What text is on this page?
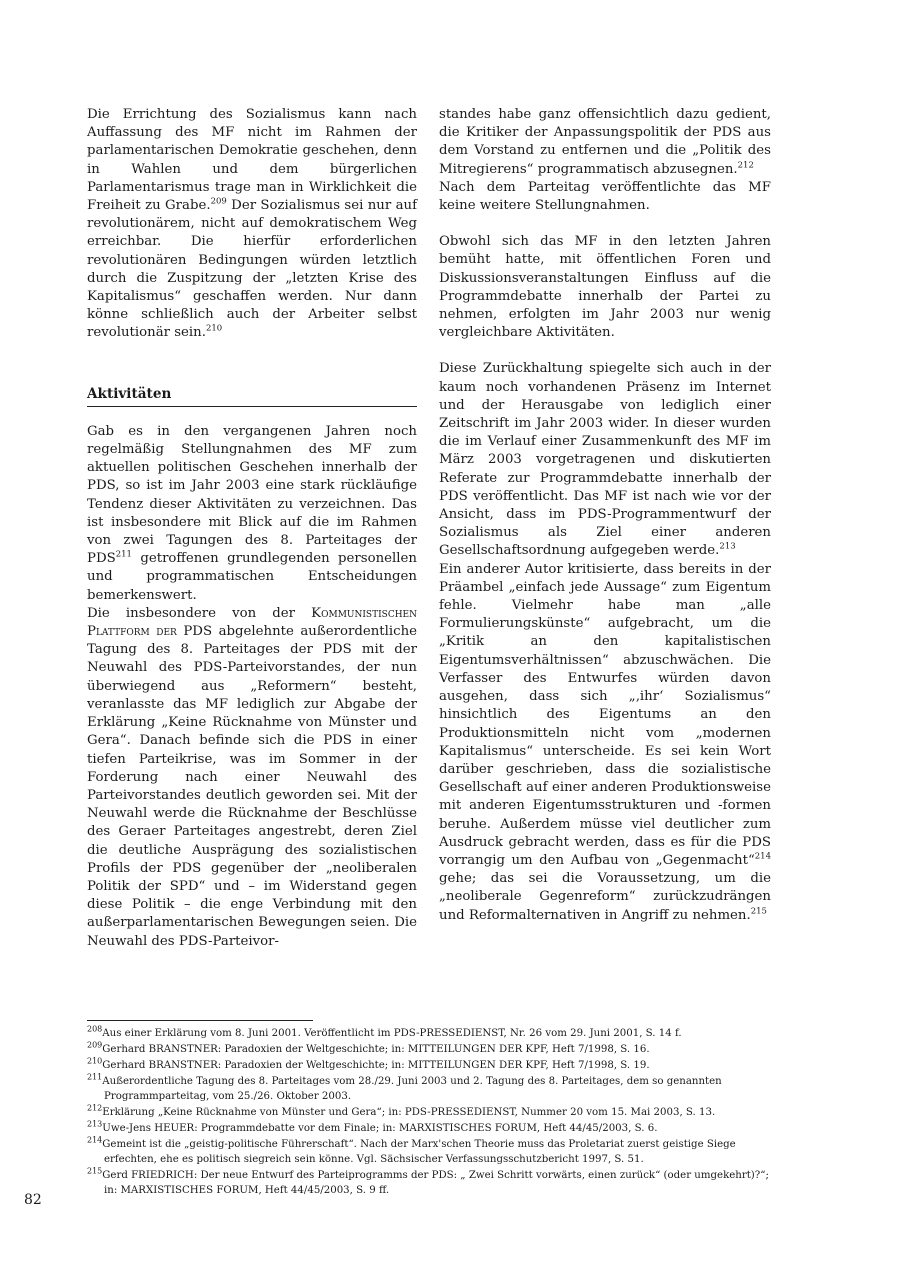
Die Errichtung des Sozialismus kann nach Auffassung des MF nicht im Rahmen der parlamentarischen Demokratie geschehen, denn in Wahlen und dem bürgerlichen Parlamentarismus trage man in Wirklichkeit die Freiheit zu Grabe.$^{209}$ Der Sozialismus sei nur auf revolutionärem, nicht auf demokratischem Weg erreichbar. Die hierfür erforderlichen revolutionären Bedingungen würden letztlich durch die Zuspitzung der „letzten Krise des Kapitalismus“ geschaffen werden. Nur dann könne schließlich auch der Arbeiter selbst revolutionär sein.$^{210}$

Aktivitäten

Gab es in den vergangenen Jahren noch regelmäßig Stellungnahmen des MF zum aktuellen politischen Geschehen innerhalb der PDS, so ist im Jahr 2003 eine stark rückläufige Tendenz dieser Aktivitäten zu verzeichnen. Das ist insbesondere mit Blick auf die im Rahmen von zwei Tagungen des 8. Parteitages der PDS$^{211}$ getroffenen grundlegenden personellen und programmatischen Entscheidungen bemerkenswert.

Die insbesondere von der Kommunistischen Plattform der PDS abgelehnte außerordentliche Tagung des 8. Parteitages der PDS mit der Neuwahl des PDS-Parteivorstandes, der nun überwiegend aus „Reformern“ besteht, veranlasste das MF lediglich zur Abgabe der Erklärung „Keine Rücknahme von Münster und Gera“. Danach befinde sich die PDS in einer tiefen Parteikrise, was im Sommer in der Forderung nach einer Neuwahl des Parteivorstandes deutlich geworden sei. Mit der Neuwahl werde die Rücknahme der Beschlüsse des Geraer Parteitages angestrebt, deren Ziel die deutliche Ausprägung des sozialistischen Profils der PDS gegenüber der „neoliberalen Politik der SPD“ und – im Widerstand gegen diese Politik – die enge Verbindung mit den außerparlamentarischen Bewegungen seien. Die Neuwahl des PDS-Parteivor-

standes habe ganz offensichtlich dazu gedient, die Kritiker der Anpassungspolitik der PDS aus dem Vorstand zu entfernen und die „Politik des Mitregierens“ programmatisch abzusegnen.$^{212}$

Nach dem Parteitag veröffentlichte das MF keine weitere Stellungnahmen.

Obwohl sich das MF in den letzten Jahren bemüht hatte, mit öffentlichen Foren und Diskussionsveranstaltungen Einfluss auf die Programmdebatte innerhalb der Partei zu nehmen, erfolgten im Jahr 2003 nur wenig vergleichbare Aktivitäten.

Diese Zurückhaltung spiegelte sich auch in der kaum noch vorhandenen Präsenz im Internet und der Herausgabe von lediglich einer Zeitschrift im Jahr 2003 wider. In dieser wurden die im Verlauf einer Zusammenkunft des MF im März 2003 vorgetragenen und diskutierten Referate zur Programmdebatte innerhalb der PDS veröffentlicht. Das MF ist nach wie vor der Ansicht, dass im PDS-Programmentwurf der Sozialismus als Ziel einer anderen Gesellschaftsordnung aufgegeben werde.$^{213}$

Ein anderer Autor kritisierte, dass bereits in der Präambel „einfach jede Aussage“ zum Eigentum fehle. Vielmehr habe man „alle Formulierungskünste“ aufgebracht, um die „Kritik an den kapitalistischen Eigentumsverhältnissen“ abzuschwächen. Die Verfasser des Entwurfes würden davon ausgehen, dass sich „‚ihr‘ Sozialismus“ hinsichtlich des Eigentums an den Produktionsmitteln nicht vom „modernen Kapitalismus“ unterscheide. Es sei kein Wort darüber geschrieben, dass die sozialistische Gesellschaft auf einer anderen Produktionsweise mit anderen Eigentumsstrukturen und -formen beruhe. Außerdem müsse viel deutlicher zum Ausdruck gebracht werden, dass es für die PDS vorrangig um den Aufbau von „Gegenmacht“$^{214}$ gehe; das sei die Voraussetzung, um die „neoliberale Gegenreform“ zurückzudrängen und Reformalternativen in Angriff zu nehmen.$^{215}$

$^{208}$Aus einer Erklärung vom 8. Juni 2001. Veröffentlicht im PDS-PRESSEDIENST, Nr. 26 vom 29. Juni 2001, S. 14 f.
$^{209}$Gerhard BRANSTNER: Paradoxien der Weltgeschichte; in: MITTEILUNGEN DER KPF, Heft 7/1998, S. 16.
$^{210}$Gerhard BRANSTNER: Paradoxien der Weltgeschichte; in: MITTEILUNGEN DER KPF, Heft 7/1998, S. 19.
$^{211}$Außerordentliche Tagung des 8. Parteitages vom 28./29. Juni 2003 und 2. Tagung des 8. Parteitages, dem so genannten Programmparteitag, vom 25./26. Oktober 2003.
$^{212}$Erklärung „Keine Rücknahme von Münster und Gera“; in: PDS-PRESSEDIENST, Nummer 20 vom 15. Mai 2003, S. 13.
$^{213}$Uwe-Jens HEUER: Programmdebatte vor dem Finale; in: MARXISTISCHES FORUM, Heft 44/45/2003, S. 6.
$^{214}$Gemeint ist die „geistig-politische Führerschaft“. Nach der Marx'schen Theorie muss das Proletariat zuerst geistige Siege erfechten, ehe es politisch siegreich sein könne. Vgl. Sächsischer Verfassungsschutzbericht 1997, S. 51.
$^{215}$Gerd FRIEDRICH: Der neue Entwurf des Parteiprogramms der PDS: „ Zwei Schritt vorwärts, einen zurück“ (oder umgekehrt)?“; in: MARXISTISCHES FORUM, Heft 44/45/2003, S. 9 ff.
82
